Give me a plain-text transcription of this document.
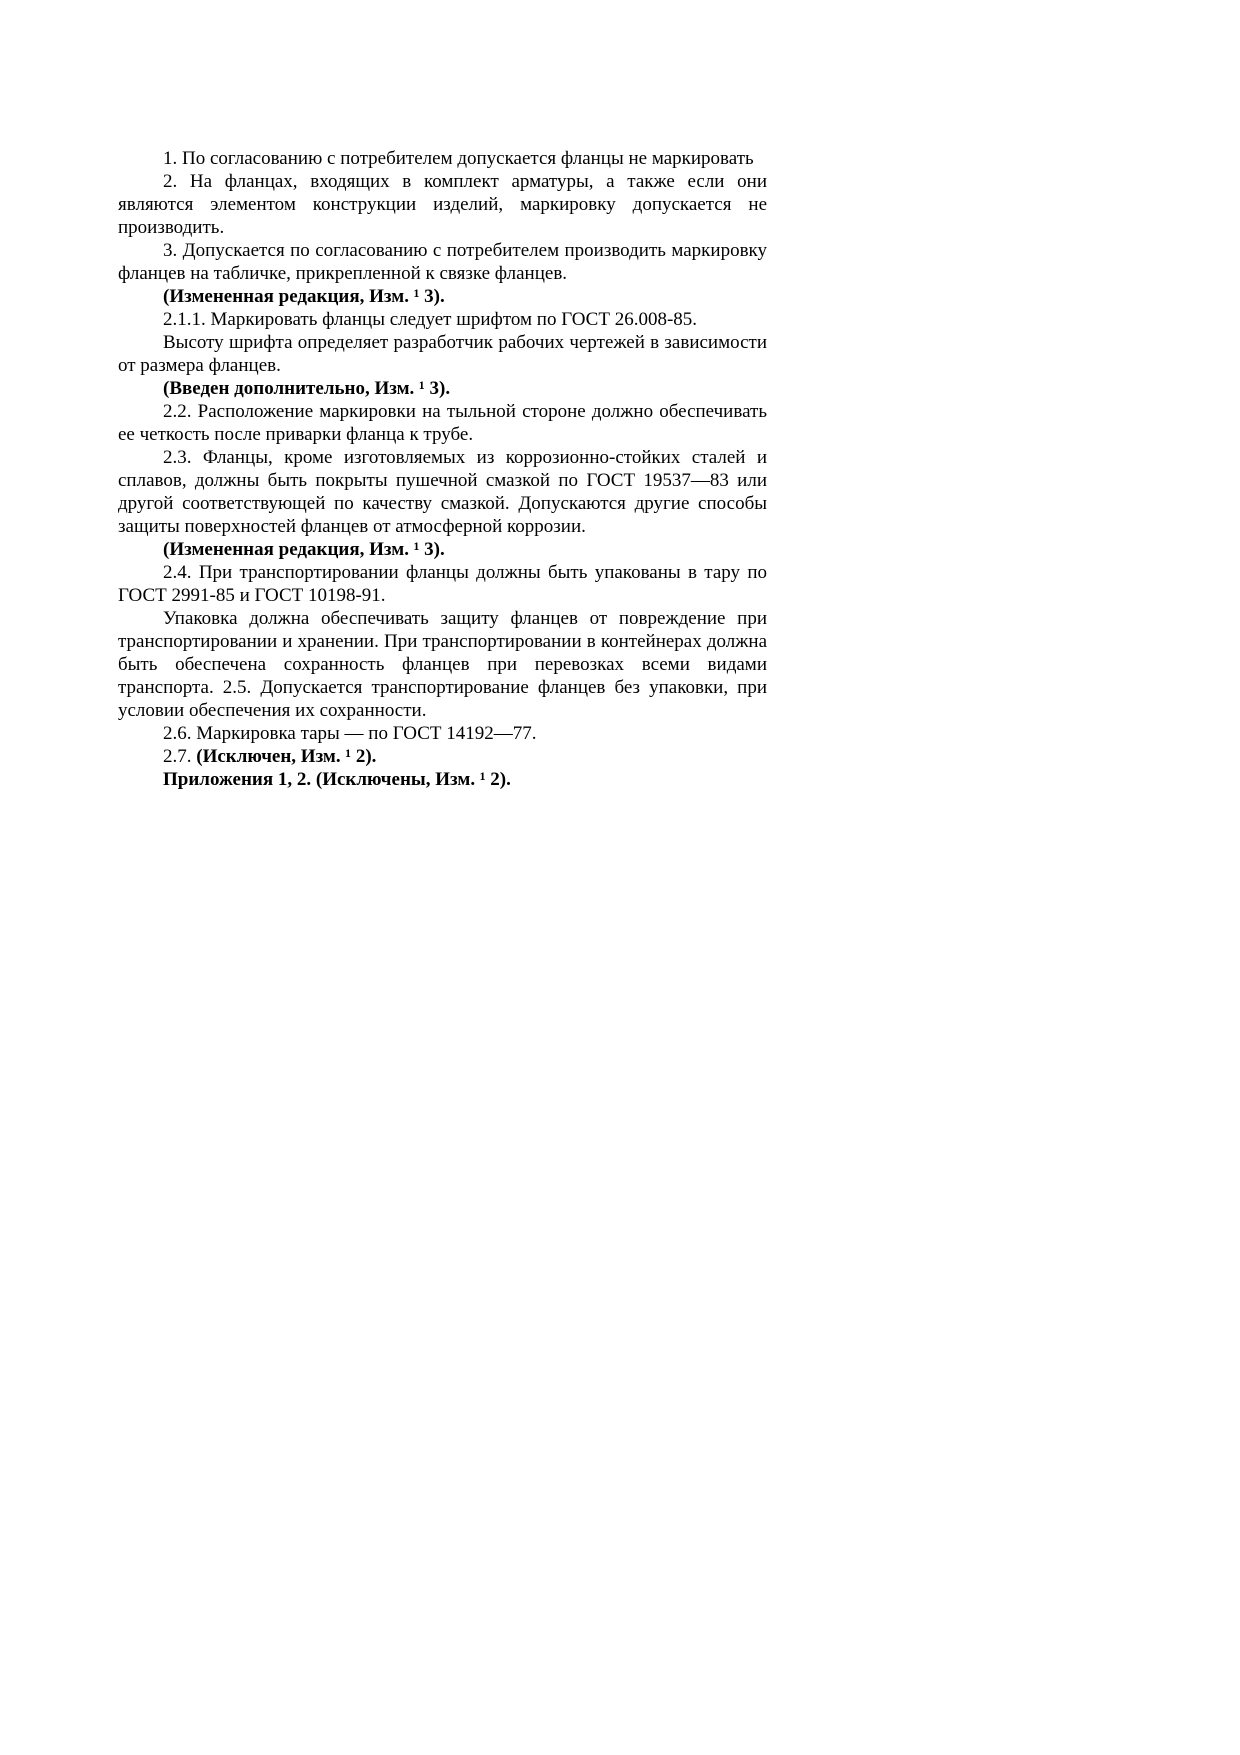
1. По согласованию с потребителем допускается фланцы не маркировать

2. На фланцах, входящих в комплект арматуры, а также если они являются элементом конструкции изделий, маркировку допускается не производить.

3. Допускается по согласованию с потребителем производить маркировку фланцев на табличке, прикрепленной к связке фланцев.

(Измененная редакция, Изм. ¹ 3).

2.1.1. Маркировать фланцы следует шрифтом по ГОСТ 26.008-85.

Высоту шрифта определяет разработчик рабочих чертежей в зависимости от размера фланцев.

(Введен дополнительно, Изм. ¹ 3).

2.2. Расположение маркировки на тыльной стороне должно обеспечивать ее четкость после приварки фланца к трубе.

2.3. Фланцы, кроме изготовляемых из коррозионно-стойких сталей и сплавов, должны быть покрыты пушечной смазкой по ГОСТ 19537—83 или другой соответствующей по качеству смазкой. Допускаются другие способы защиты поверхностей фланцев от атмосферной коррозии.

(Измененная редакция, Изм. ¹ 3).

2.4. При транспортировании фланцы должны быть упакованы в тару по ГОСТ 2991-85 и ГОСТ 10198-91.

Упаковка должна обеспечивать защиту фланцев от повреждение при транспортировании и хранении. При транспортировании в контейнерах должна быть обеспечена сохранность фланцев при перевозках всеми видами транспорта. 2.5. Допускается транспортирование фланцев без упаковки, при условии обеспечения их сохранности.

2.6. Маркировка тары — по ГОСТ 14192—77.

2.7. (Исключен, Изм. ¹ 2).

Приложения 1, 2. (Исключены, Изм. ¹ 2).
